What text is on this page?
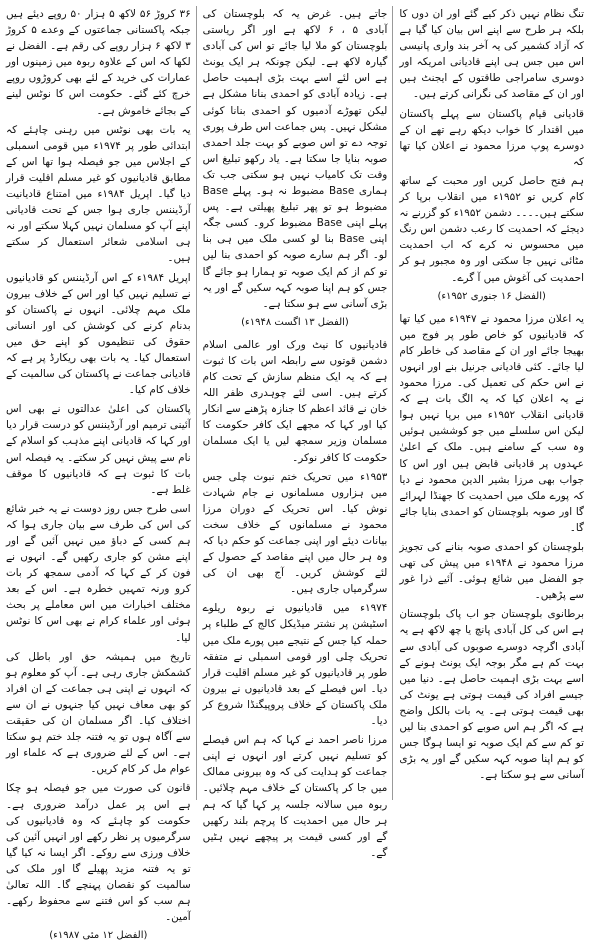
تنگ نظام نہیں ذکر کیے گئے اور ان دوں کا بلکہ ہر طرح سے اپنے اس بیان کیا گیا ہے کہ آزاد کشمیر کی یہ آخر بند واری پانیسی اس میں جس ہی اپنے قادیانی امریکہ اور دوسری سامراجی طاقتوں کے ایجنٹ ہیں اور ان کے مقاصد کی نگرانی کرتے ہیں۔

قادیانی قیام پاکستان سے پہلے پاکستان میں اقتدار کا خواب دیکھ رہے تھے ان کے دوسرے پوپ مرزا محمود نے اعلان کیا تھا کہ

ہم فتح حاصل کریں اور محبت کے ساتھ کام کریں تو ۱۹۵۲ء میں انقلاب برپا کر سکتے ہیں۔۔۔۔ دشمن ۱۹۵۲ء کو گزرنے نہ دیجئے کہ احمدیت کا رعب دشمن اس رنگ میں محسوس نہ کرے کہ اب احمدیت مٹائی نہیں جا سکتی اور وہ مجبور ہو کر احمدیت کی آغوش میں آ گرے۔

(الفضل ۱۶ جنوری ۱۹۵۲ء)

یہ اعلان مرزا محمود نے ۱۹۴۷ء میں کیا تھا کہ قادیانیوں کو خاص طور پر فوج میں بھیجا جائے اور ان کے مقاصد کی خاطر کام لیا جائے۔ کئی قادیانی جرنیل بنے اور انہوں نے اس حکم کی تعمیل کی۔ مرزا محمود نے یہ اعلان کیا کہ یہ الگ بات ہے کہ قادیانی انقلاب ۱۹۵۲ء میں برپا نہیں ہوا لیکن اس سلسلے میں جو کوششیں ہوئیں وہ سب کے سامنے ہیں۔ ملک کے اعلیٰ عہدوں پر قادیانی قابض ہیں اور اس کا جواب بھی مرزا بشیر الدین محمود نے دیا کہ پورے ملک میں احمدیت کا جھنڈا لہرائے گا اور صوبہ بلوچستان کو احمدی بنایا جائے گا۔

بلوچستان کو احمدی صوبہ بنانے کی تجویز مرزا محمود نے ۱۹۴۸ء میں پیش کی تھی جو الفضل میں شائع ہوئی۔ آئیے ذرا غور سے پڑھیں۔

برطانوی بلوچستان جو اب پاک بلوچستان ہے اس کی کل آبادی پانچ یا چھ لاکھ ہے یہ آبادی اگرچہ دوسرے صوبوں کی آبادی سے بہت کم ہے مگر بوجہ ایک یونٹ ہونے کے اسے بہت بڑی اہمیت حاصل ہے۔ دنیا میں جیسے افراد کی قیمت ہوتی ہے یونٹ کی بھی قیمت ہوتی ہے۔ یہ بات بالکل واضح ہے کہ اگر ہم اس صوبے کو احمدی بنا لیں تو کم سے کم ایک صوبہ تو ایسا ہوگا جس کو ہم اپنا صوبہ کہہ سکیں گے اور یہ بڑی آسانی سے ہو سکتا ہے۔

جاتے ہیں۔ غرض یہ کہ بلوچستان کی آبادی ۵ ، ۶ لاکھ ہے اور اگر ریاستی بلوچستان کو ملا لیا جائے تو اس کی آبادی گیارہ لاکھ ہے۔ لیکن چونکہ ہر ایک یونٹ ہے اس لئے اسے بہت بڑی اہمیت حاصل ہے۔ زیادہ آبادی کو احمدی بنانا مشکل ہے لیکن تھوڑے آدمیوں کو احمدی بنانا کوئی مشکل نہیں۔ پس جماعت اس طرف پوری توجہ دے تو اس صوبے کو بہت جلد احمدی صوبہ بنایا جا سکتا ہے۔ یاد رکھو تبلیغ اس وقت تک کامیاب نہیں ہو سکتی جب تک ہماری Base مضبوط نہ ہو۔ پہلے Base مضبوط ہو تو پھر تبلیغ پھیلتی ہے۔ پس پہلے اپنی Base مضبوط کرو۔ کسی جگہ اپنی Base بنا لو کسی ملک میں ہی بنا لو۔ اگر ہم سارے صوبہ کو احمدی بنا لیں تو کم از کم ایک صوبہ تو ہمارا ہو جائے گا جس کو ہم اپنا صوبہ کہہ سکیں گے اور یہ بڑی آسانی سے ہو سکتا ہے۔

(الفضل ۱۳ اگست ۱۹۴۸ء)

قادیانیوں کا نیٹ ورک اور عالمی اسلام دشمن قوتوں سے رابطہ اس بات کا ثبوت ہے کہ یہ ایک منظم سازش کے تحت کام کرتے ہیں۔ اسی لئے چوہدری ظفر اللہ خان نے قائد اعظم کا جنازہ پڑھنے سے انکار کیا اور کہا کہ مجھے ایک کافر حکومت کا مسلمان وزیر سمجھ لیں یا ایک مسلمان حکومت کا کافر نوکر۔

۱۹۵۳ء میں تحریک ختم نبوت چلی جس میں ہزاروں مسلمانوں نے جام شہادت نوش کیا۔ اس تحریک کے دوران مرزا محمود نے مسلمانوں کے خلاف سخت بیانات دیئے اور اپنی جماعت کو حکم دیا کہ وہ ہر حال میں اپنے مقاصد کے حصول کے لئے کوشش کریں۔ آج بھی ان کی سرگرمیاں جاری ہیں۔

۱۹۷۴ء میں قادیانیوں نے ربوہ ریلوے اسٹیشن پر نشتر میڈیکل کالج کے طلباء پر حملہ کیا جس کے نتیجے میں پورے ملک میں تحریک چلی اور قومی اسمبلی نے متفقہ طور پر قادیانیوں کو غیر مسلم اقلیت قرار دیا۔ اس فیصلے کے بعد قادیانیوں نے بیرون ملک پاکستان کے خلاف پروپیگنڈا شروع کر دیا۔

مرزا ناصر احمد نے کہا کہ ہم اس فیصلے کو تسلیم نہیں کرتے اور انہوں نے اپنی جماعت کو ہدایت کی کہ وہ بیرونی ممالک میں جا کر پاکستان کے خلاف مہم چلائیں۔ ربوہ میں سالانہ جلسہ پر کہا گیا کہ ہم ہر حال میں احمدیت کا پرچم بلند رکھیں گے اور کسی قیمت پر پیچھے نہیں ہٹیں گے۔

۳۶ کروڑ ۵۶ لاکھ ۵ ہزار ۵۰ روپے دیئے ہیں جبکہ پاکستانی جماعتوں کے وعدے ۵ کروڑ ۳ لاکھ ۶ ہزار روپے کی رقم ہے۔ الفضل نے لکھا کہ اس کے علاوہ ربوہ میں زمینوں اور عمارات کی خرید کے لئے بھی کروڑوں روپے خرچ کئے گئے۔ حکومت اس کا نوٹس لینے کے بجائے خاموش ہے۔

یہ بات بھی نوٹس میں رہنی چاہئے کہ ابتدائی طور پر ۱۹۷۴ء میں قومی اسمبلی کے اجلاس میں جو فیصلہ ہوا تھا اس کے مطابق قادیانیوں کو غیر مسلم اقلیت قرار دیا گیا۔ اپریل ۱۹۸۴ء میں امتناع قادیانیت آرڈیننس جاری ہوا جس کے تحت قادیانی اپنے آپ کو مسلمان نہیں کہلا سکتے اور نہ ہی اسلامی شعائر استعمال کر سکتے ہیں۔

اپریل ۱۹۸۴ء کے اس آرڈیننس کو قادیانیوں نے تسلیم نہیں کیا اور اس کے خلاف بیرون ملک مہم چلائی۔ انہوں نے پاکستان کو بدنام کرنے کی کوشش کی اور انسانی حقوق کی تنظیموں کو اپنے حق میں استعمال کیا۔ یہ بات بھی ریکارڈ پر ہے کہ قادیانی جماعت نے پاکستان کی سالمیت کے خلاف کام کیا۔

پاکستان کی اعلیٰ عدالتوں نے بھی اس آئینی ترمیم اور آرڈیننس کو درست قرار دیا اور کہا کہ قادیانی اپنے مذہب کو اسلام کے نام سے پیش نہیں کر سکتے۔ یہ فیصلہ اس بات کا ثبوت ہے کہ قادیانیوں کا موقف غلط ہے۔

اسی طرح جس روز دوست نے یہ خبر شائع کی اس کی طرف سے بیان جاری ہوا کہ ہم کسی کے دباؤ میں نہیں آئیں گے اور اپنے مشن کو جاری رکھیں گے۔ انہوں نے فون کر کے کہا کہ آدمی سمجھ کر بات کرو ورنہ تمہیں خطرہ ہے۔ اس کے بعد مختلف اخبارات میں اس معاملے پر بحث ہوئی اور علماء کرام نے بھی اس کا نوٹس لیا۔

تاریخ میں ہمیشہ حق اور باطل کی کشمکش جاری رہی ہے۔ آپ کو معلوم ہو کہ انہوں نے اپنی ہی جماعت کے ان افراد کو بھی معاف نہیں کیا جنہوں نے ان سے اختلاف کیا۔ اگر مسلمان ان کی حقیقت سے آگاہ ہوں تو یہ فتنہ جلد ختم ہو سکتا ہے۔ اس کے لئے ضروری ہے کہ علماء اور عوام مل کر کام کریں۔

قانون کی صورت میں جو فیصلہ ہو چکا ہے اس پر عمل درآمد ضروری ہے۔ حکومت کو چاہئے کہ وہ قادیانیوں کی سرگرمیوں پر نظر رکھے اور انہیں آئین کی خلاف ورزی سے روکے۔ اگر ایسا نہ کیا گیا تو یہ فتنہ مزید پھیلے گا اور ملک کی سالمیت کو نقصان پہنچے گا۔ اللہ تعالیٰ ہم سب کو اس فتنے سے محفوظ رکھے۔ آمین۔

(الفضل ۱۲ مئی ۱۹۸۷ء)
